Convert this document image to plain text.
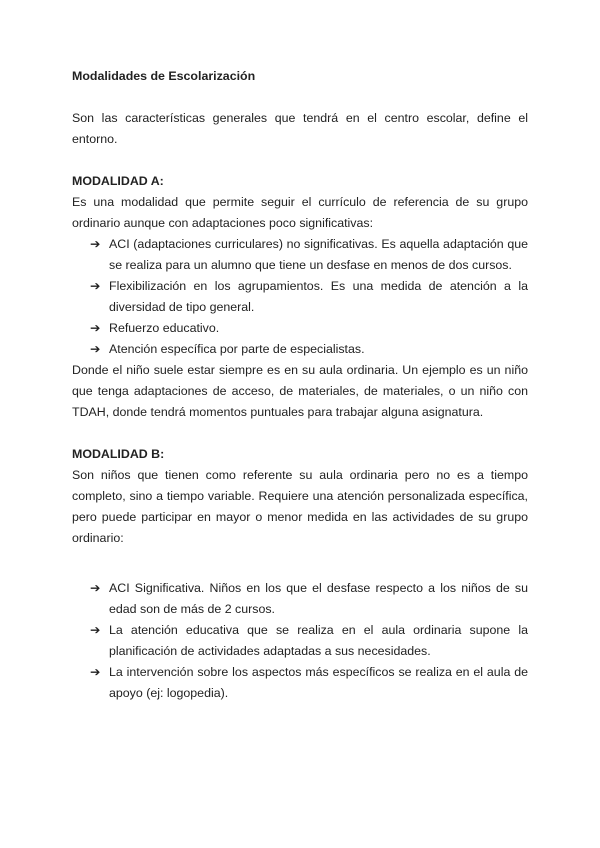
Modalidades de Escolarización

Son las características generales que tendrá en el centro escolar, define el entorno.

MODALIDAD A:

Es una modalidad que permite seguir el currículo de referencia de su grupo ordinario aunque con adaptaciones poco significativas:

➔ ACI (adaptaciones curriculares) no significativas. Es aquella adaptación que se realiza para un alumno que tiene un desfase en menos de dos cursos.
➔ Flexibilización en los agrupamientos. Es una medida de atención a la diversidad de tipo general.
➔ Refuerzo educativo.
➔ Atención específica por parte de especialistas.

Donde el niño suele estar siempre es en su aula ordinaria. Un ejemplo es un niño que tenga adaptaciones de acceso, de materiales, de materiales, o un niño con TDAH, donde tendrá momentos puntuales para trabajar alguna asignatura.

MODALIDAD B:

Son niños que tienen como referente su aula ordinaria pero no es a tiempo completo, sino a tiempo variable. Requiere una atención personalizada específica, pero puede participar en mayor o menor medida en las actividades de su grupo ordinario:

➔ ACI Significativa. Niños en los que el desfase respecto a los niños de su edad son de más de 2 cursos.
➔ La atención educativa que se realiza en el aula ordinaria supone la planificación de actividades adaptadas a sus necesidades.
➔ La intervención sobre los aspectos más específicos se realiza en el aula de apoyo (ej: logopedia).
